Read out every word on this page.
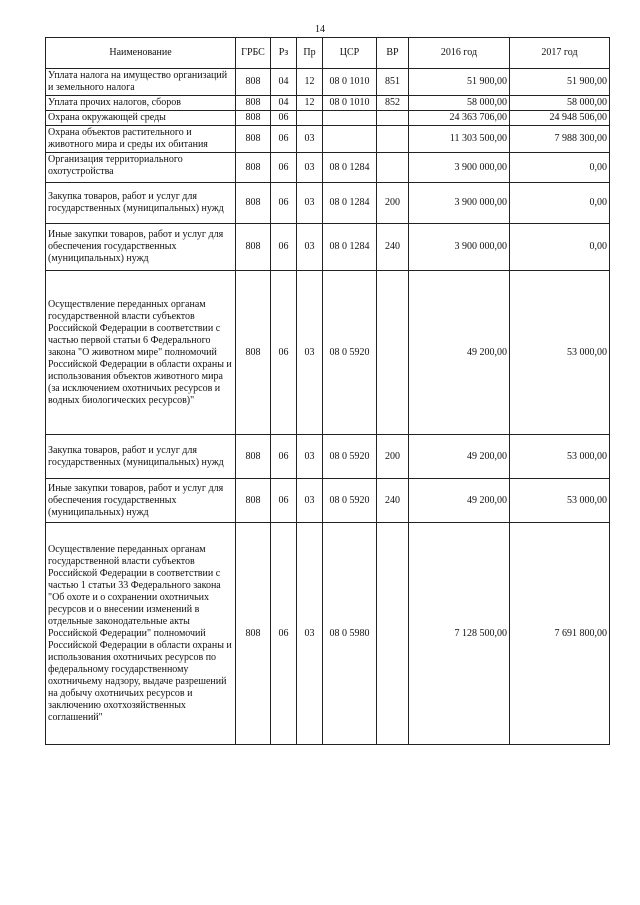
14
Наименование	ГРБС	Рз	Пр	ЦСР	ВР	2016 год	2017 год
Уплата налога на имущество организаций и земельного налога	808	04	12	08 0 1010	851	51 900,00	51 900,00
Уплата прочих налогов, сборов	808	04	12	08 0 1010	852	58 000,00	58 000,00
Охрана окружающей среды	808	06				24 363 706,00	24 948 506,00
Охрана объектов растительного и животного мира и среды их обитания	808	06	03			11 303 500,00	7 988 300,00
Организация территориального охотустройства	808	06	03	08 0 1284		3 900 000,00	0,00
Закупка товаров, работ и услуг для государственных (муниципальных) нужд	808	06	03	08 0 1284	200	3 900 000,00	0,00
Иные закупки товаров, работ и услуг для обеспечения государственных (муниципальных) нужд	808	06	03	08 0 1284	240	3 900 000,00	0,00
Осуществление переданных органам государственной власти субъектов Российской Федерации в соответствии с частью первой статьи 6 Федерального закона "О животном мире" полномочий Российской Федерации в области охраны и использования объектов животного мира (за исключением охотничьих ресурсов и водных биологических ресурсов)"	808	06	03	08 0 5920		49 200,00	53 000,00
Закупка товаров, работ и услуг для государственных (муниципальных) нужд	808	06	03	08 0 5920	200	49 200,00	53 000,00
Иные закупки товаров, работ и услуг для обеспечения государственных (муниципальных) нужд	808	06	03	08 0 5920	240	49 200,00	53 000,00
Осуществление переданных органам государственной власти субъектов Российской Федерации в соответствии с частью 1 статьи 33 Федерального закона "Об охоте и о сохранении охотничьих ресурсов и о внесении изменений в отдельные законодательные акты Российской Федерации" полномочий Российской Федерации в области охраны и использования охотничьих ресурсов по федеральному государственному охотничьему надзору, выдаче разрешений на добычу охотничьих ресурсов и заключению охотхозяйственных соглашений"	808	06	03	08 0 5980		7 128 500,00	7 691 800,00
